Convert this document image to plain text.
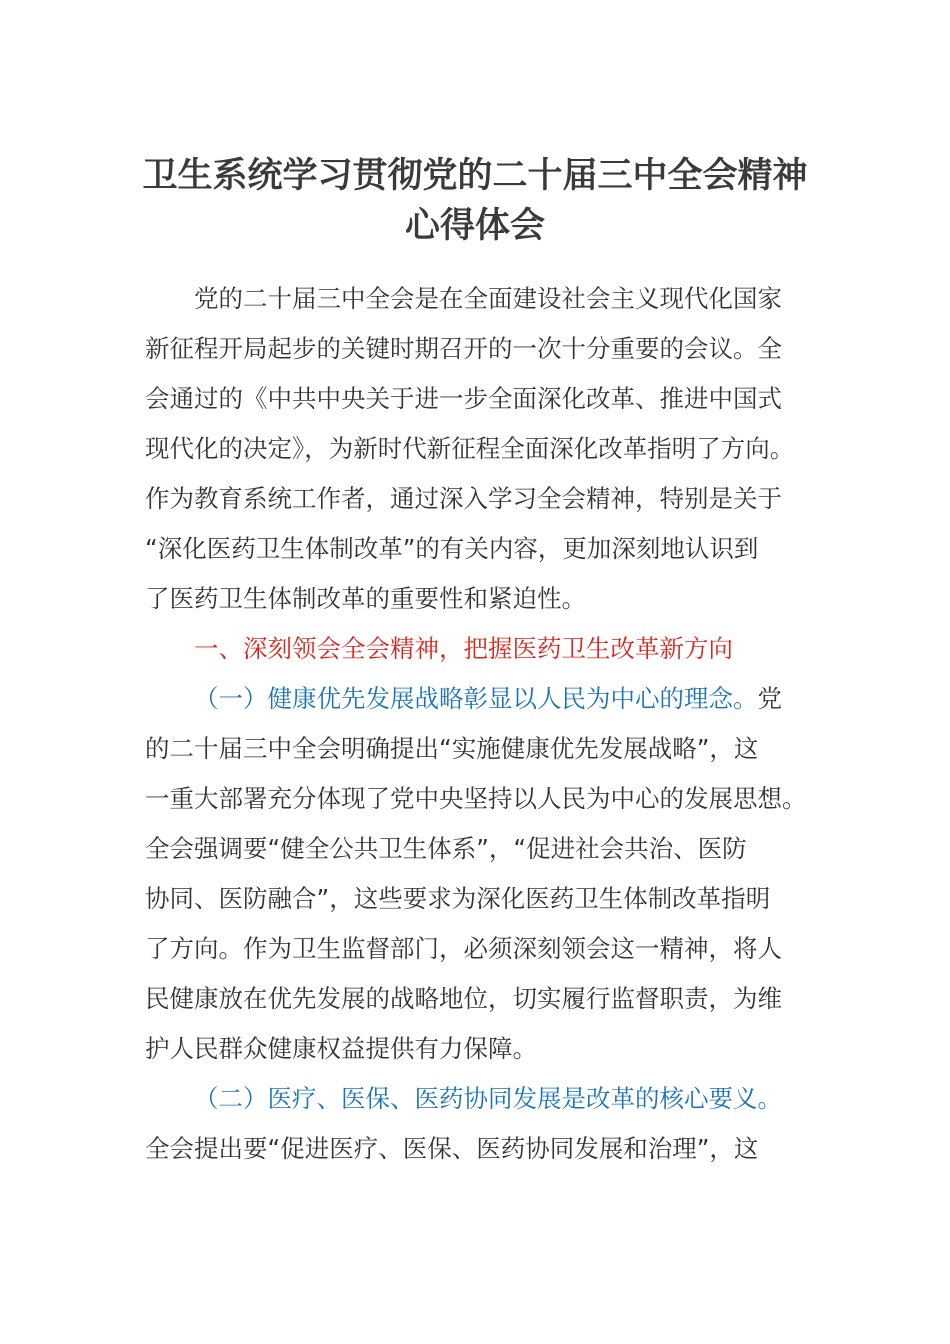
卫生系统学习贯彻党的二十届三中全会精神
心得体会
党的二十届三中全会是在全面建设社会主义现代化国家
新征程开局起步的关键时期召开的一次十分重要的会议。全
会通过的《中共中央关于进一步全面深化改革、推进中国式
现代化的决定》，为新时代新征程全面深化改革指明了方向。
作为教育系统工作者，通过深入学习全会精神，特别是关于
“深化医药卫生体制改革”的有关内容，更加深刻地认识到
了医药卫生体制改革的重要性和紧迫性。
一、深刻领会全会精神，把握医药卫生改革新方向
（一）健康优先发展战略彰显以人民为中心的理念。党
的二十届三中全会明确提出“实施健康优先发展战略”，这
一重大部署充分体现了党中央坚持以人民为中心的发展思想。
全会强调要“健全公共卫生体系”，“促进社会共治、医防
协同、医防融合”，这些要求为深化医药卫生体制改革指明
了方向。作为卫生监督部门，必须深刻领会这一精神，将人
民健康放在优先发展的战略地位，切实履行监督职责，为维
护人民群众健康权益提供有力保障。
（二）医疗、医保、医药协同发展是改革的核心要义。
全会提出要“促进医疗、医保、医药协同发展和治理”，这
